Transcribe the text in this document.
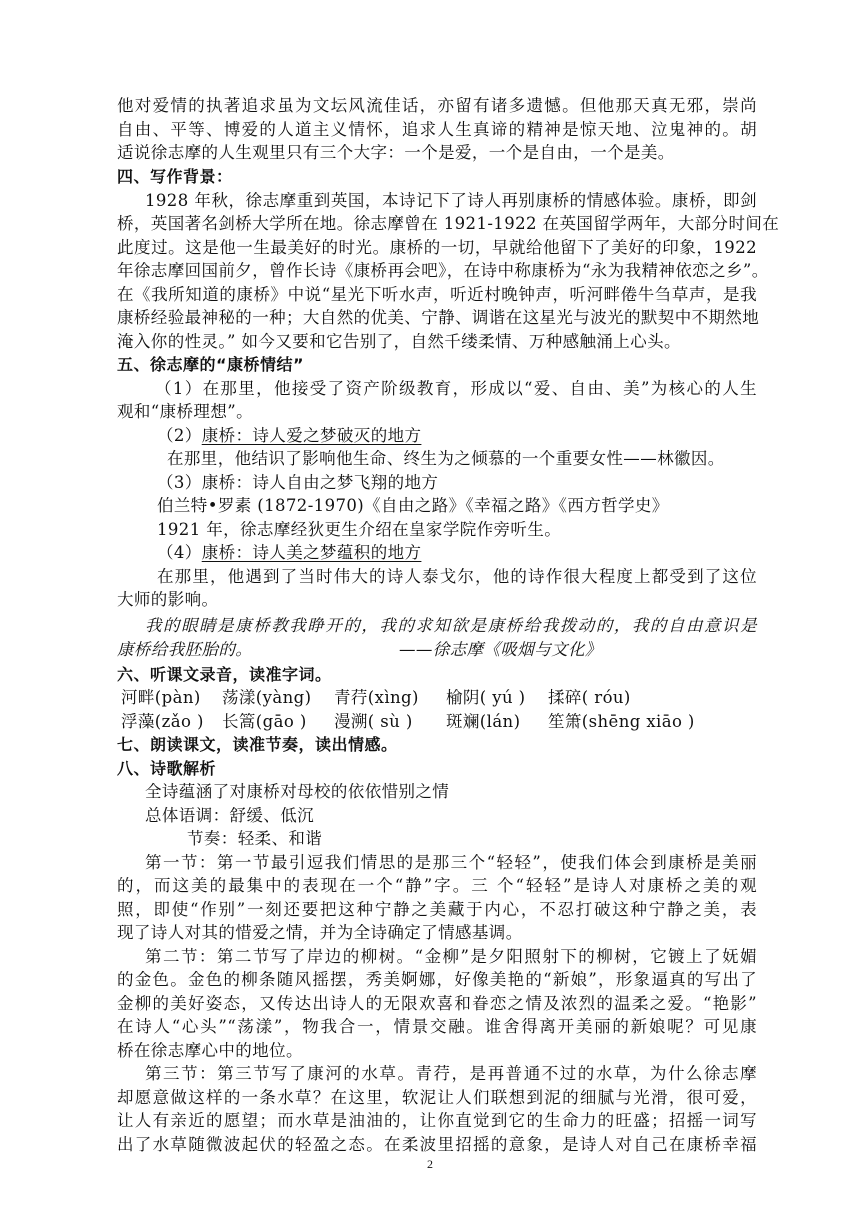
他对爱情的执著追求虽为文坛风流佳话，亦留有诸多遗憾。但他那天真无邪，崇尚
自由、平等、博爱的人道主义情怀，追求人生真谛的精神是惊天地、泣鬼神的。胡
适说徐志摩的人生观里只有三个大字：一个是爱，一个是自由，一个是美。
四、写作背景：
1928 年秋，徐志摩重到英国，本诗记下了诗人再别康桥的情感体验。康桥，即剑
桥，英国著名剑桥大学所在地。徐志摩曾在 1921-1922 在英国留学两年，大部分时间在
此度过。这是他一生最美好的时光。康桥的一切，早就给他留下了美好的印象，1922
年徐志摩回国前夕，曾作长诗《康桥再会吧》，在诗中称康桥为“永为我精神依恋之乡”。
在《我所知道的康桥》中说“星光下听水声，听近村晚钟声，听河畔倦牛刍草声，是我
康桥经验最神秘的一种；大自然的优美、宁静、调谐在这星光与波光的默契中不期然地
淹入你的性灵。” 如今又要和它告别了，自然千缕柔情、万种感触涌上心头。
五、徐志摩的“康桥情结”
（1）在那里，他接受了资产阶级教育，形成以“爱、自由、美”为核心的人生
观和“康桥理想”。
（2）康桥：诗人爱之梦破灭的地方
在那里，他结识了影响他生命、终生为之倾慕的一个重要女性——林徽因。
（3）康桥：诗人自由之梦飞翔的地方
伯兰特•罗素 (1872-1970)《自由之路》《幸福之路》《西方哲学史》
1921 年，徐志摩经狄更生介绍在皇家学院作旁听生。
（4）康桥：诗人美之梦蕴积的地方
在那里，他遇到了当时伟大的诗人泰戈尔，他的诗作很大程度上都受到了这位
大师的影响。
我的眼睛是康桥教我睁开的，我的求知欲是康桥给我拨动的，我的自由意识是
康桥给我胚胎的。	——徐志摩《吸烟与文化》
六、听课文录音，读准字词。
河畔(pàn) 荡漾(yàng) 青荇(xìng) 榆阴( yú ) 揉碎( róu)
浮藻(zǎo ) 长篙(gāo ) 漫溯( sù ) 斑斓(lán) 笙箫(shēng xiāo )
七、朗读课文，读准节奏，读出情感。
八、诗歌解析
全诗蕴涵了对康桥对母校的依依惜别之情
总体语调：舒缓、低沉
节奏：轻柔、和谐
第一节：第一节最引逗我们情思的是那三个“轻轻”，使我们体会到康桥是美丽
的，而这美的最集中的表现在一个“静”字。三 个“轻轻”是诗人对康桥之美的观
照，即使“作别”一刻还要把这种宁静之美藏于内心，不忍打破这种宁静之美，表
现了诗人对其的惜爱之情，并为全诗确定了情感基调。
第二节：第二节写了岸边的柳树。“金柳”是夕阳照射下的柳树，它镀上了妩媚
的金色。金色的柳条随风摇摆，秀美婀娜，好像美艳的“新娘”，形象逼真的写出了
金柳的美好姿态，又传达出诗人的无限欢喜和眷恋之情及浓烈的温柔之爱。“艳影”
在诗人“心头”“荡漾”，物我合一，情景交融。谁舍得离开美丽的新娘呢？可见康
桥在徐志摩心中的地位。
第三节：第三节写了康河的水草。青荇，是再普通不过的水草，为什么徐志摩
却愿意做这样的一条水草？在这里，软泥让人们联想到泥的细腻与光滑，很可爱，
让人有亲近的愿望；而水草是油油的，让你直觉到它的生命力的旺盛；招摇一词写
出了水草随微波起伏的轻盈之态。在柔波里招摇的意象，是诗人对自己在康桥幸福
2
